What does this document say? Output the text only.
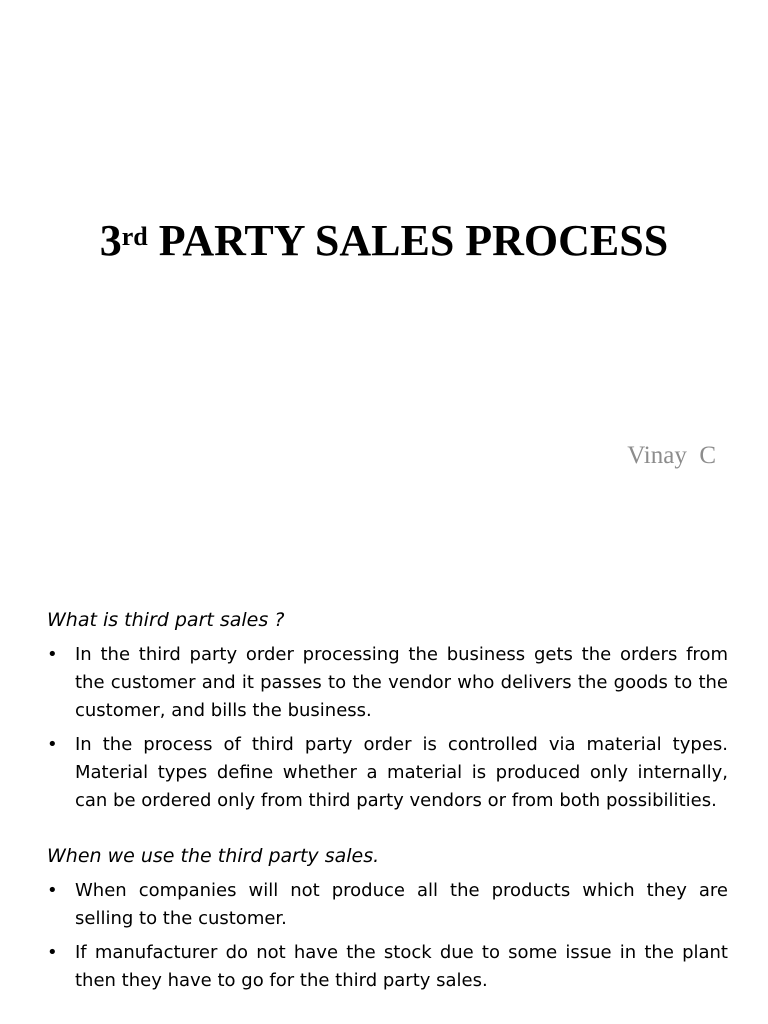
3rd PARTY SALES PROCESS
Vinay  C

What is third part sales ?

• In the third party order processing the business gets the orders from the customer and it passes to the vendor who delivers the goods to the customer, and bills the business.
• In the process of third party order is controlled via material types. Material types define whether a material is produced only internally, can be ordered only from third party vendors or from both possibilities.

When we use the third party sales.

• When companies will not produce all the products which they are selling to the customer.
• If manufacturer do not have the stock due to some issue in the plant then they have to go for the third party sales.
